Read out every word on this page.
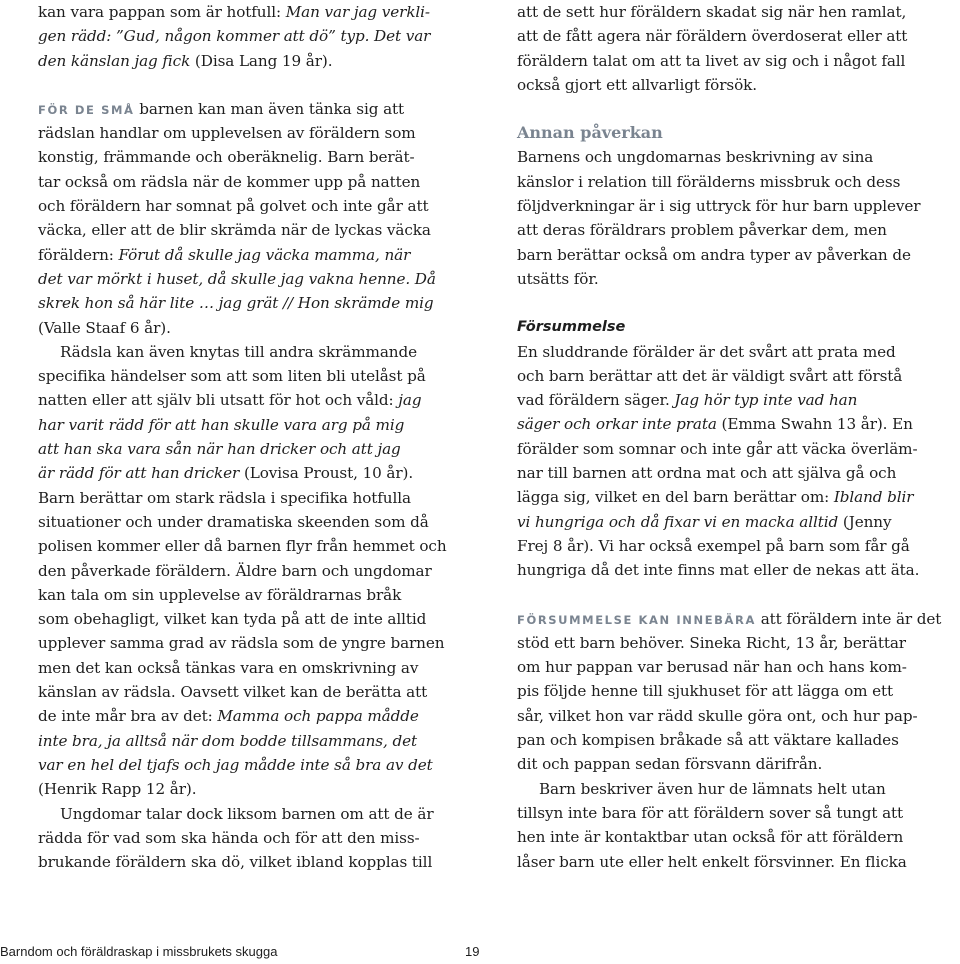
kan vara pappan som är hotfull: Man var jag verkli-
gen rädd: ”Gud, någon kommer att dö” typ. Det var
den känslan jag fick (Disa Lang 19 år).
FÖR DE SMÅ barnen kan man även tänka sig att
rädslan handlar om upplevelsen av föräldern som
konstig, främmande och oberäknelig. Barn berät-
tar också om rädsla när de kommer upp på natten
och föräldern har somnat på golvet och inte går att
väcka, eller att de blir skrämda när de lyckas väcka
föräldern: Förut då skulle jag väcka mamma, när
det var mörkt i huset, då skulle jag vakna henne. Då
skrek hon så här lite … jag grät // Hon skrämde mig
(Valle Staaf 6 år).
Rädsla kan även knytas till andra skrämmande
specifika händelser som att som liten bli utelåst på
natten eller att själv bli utsatt för hot och våld: jag
har varit rädd för att han skulle vara arg på mig
att han ska vara sån när han dricker och att jag
är rädd för att han dricker (Lovisa Proust, 10 år).
Barn berättar om stark rädsla i specifika hotfulla
situationer och under dramatiska skeenden som då
polisen kommer eller då barnen flyr från hemmet och
den påverkade föräldern. Äldre barn och ungdomar
kan tala om sin upplevelse av föräldrarnas bråk
som obehagligt, vilket kan tyda på att de inte alltid
upplever samma grad av rädsla som de yngre barnen
men det kan också tänkas vara en omskrivning av
känslan av rädsla. Oavsett vilket kan de berätta att
de inte mår bra av det: Mamma och pappa mådde
inte bra, ja alltså när dom bodde tillsammans, det
var en hel del tjafs och jag mådde inte så bra av det
(Henrik Rapp 12 år).
Ungdomar talar dock liksom barnen om att de är
rädda för vad som ska hända och för att den miss-
brukande föräldern ska dö, vilket ibland kopplas till
att de sett hur föräldern skadat sig när hen ramlat,
att de fått agera när föräldern överdoserat eller att
föräldern talat om att ta livet av sig och i något fall
också gjort ett allvarligt försök.
Annan påverkan
Barnens och ungdomarnas beskrivning av sina
känslor i relation till förälderns missbruk och dess
följdverkningar är i sig uttryck för hur barn upplever
att deras föräldrars problem påverkar dem, men
barn berättar också om andra typer av påverkan de
utsätts för.
Försummelse
En sluddrande förälder är det svårt att prata med
och barn berättar att det är väldigt svårt att förstå
vad föräldern säger. Jag hör typ inte vad han
säger och orkar inte prata (Emma Swahn 13 år). En
förälder som somnar och inte går att väcka överläm-
nar till barnen att ordna mat och att själva gå och
lägga sig, vilket en del barn berättar om: Ibland blir
vi hungriga och då fixar vi en macka alltid (Jenny
Frej 8 år). Vi har också exempel på barn som får gå
hungriga då det inte finns mat eller de nekas att äta.
FÖRSUMMELSE KAN INNEBÄRA att föräldern inte är det
stöd ett barn behöver. Sineka Richt, 13 år, berättar
om hur pappan var berusad när han och hans kom-
pis följde henne till sjukhuset för att lägga om ett
sår, vilket hon var rädd skulle göra ont, och hur pap-
pan och kompisen bråkade så att väktare kallades
dit och pappan sedan försvann därifrån.
Barn beskriver även hur de lämnats helt utan
tillsyn inte bara för att föräldern sover så tungt att
hen inte är kontaktbar utan också för att föräldern
låser barn ute eller helt enkelt försvinner. En flicka
Barndom och föräldraskap i missbrukets skugga	19
